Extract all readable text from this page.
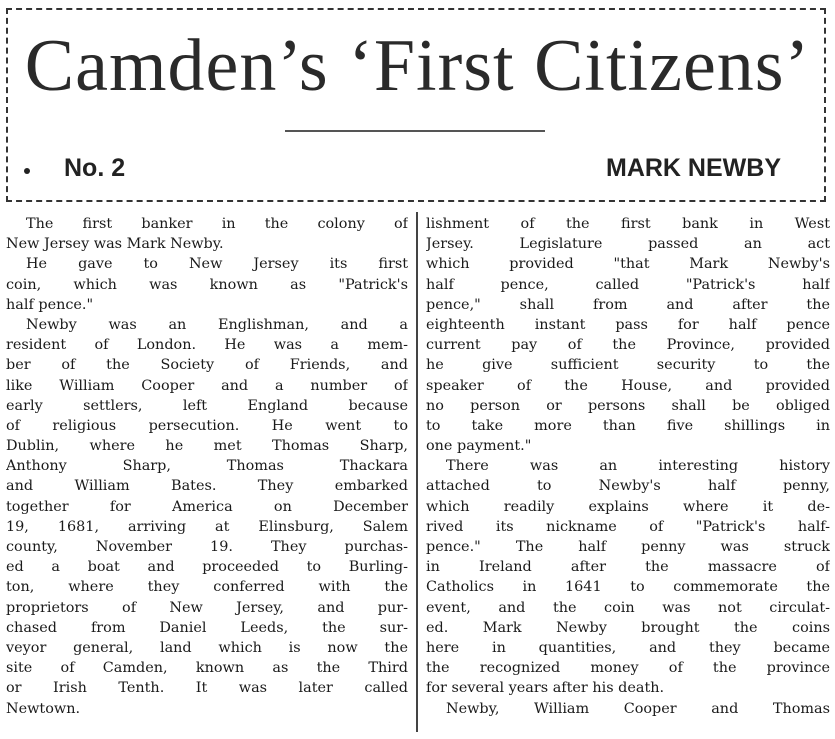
Camden’s ‘First Citizens’
No. 2	MARK NEWBY
The first banker in the colony of
New Jersey was Mark Newby.
He gave to New Jersey its first
coin, which was known as "Patrick's
half pence."
Newby was an Englishman, and a
resident of London. He was a mem-
ber of the Society of Friends, and
like William Cooper and a number of
early settlers, left England because
of religious persecution. He went to
Dublin, where he met Thomas Sharp,
Anthony Sharp, Thomas Thackara
and William Bates. They embarked
together for America on December
19, 1681, arriving at Elinsburg, Salem
county, November 19. They purchas-
ed a boat and proceeded to Burling-
ton, where they conferred with the
proprietors of New Jersey, and pur-
chased from Daniel Leeds, the sur-
veyor general, land which is now the
site of Camden, known as the Third
or Irish Tenth. It was later called
Newtown.
lishment of the first bank in West
Jersey. Legislature passed an act
which provided "that Mark Newby's
half pence, called "Patrick's half
pence," shall from and after the
eighteenth instant pass for half pence
current pay of the Province, provided
he give sufficient security to the
speaker of the House, and provided
no person or persons shall be obliged
to take more than five shillings in
one payment."
There was an interesting history
attached to Newby's half penny,
which readily explains where it de-
rived its nickname of "Patrick's half-
pence." The half penny was struck
in Ireland after the massacre of
Catholics in 1641 to commemorate the
event, and the coin was not circulat-
ed. Mark Newby brought the coins
here in quantities, and they became
the recognized money of the province
for several years after his death.
Newby, William Cooper and Thomas
